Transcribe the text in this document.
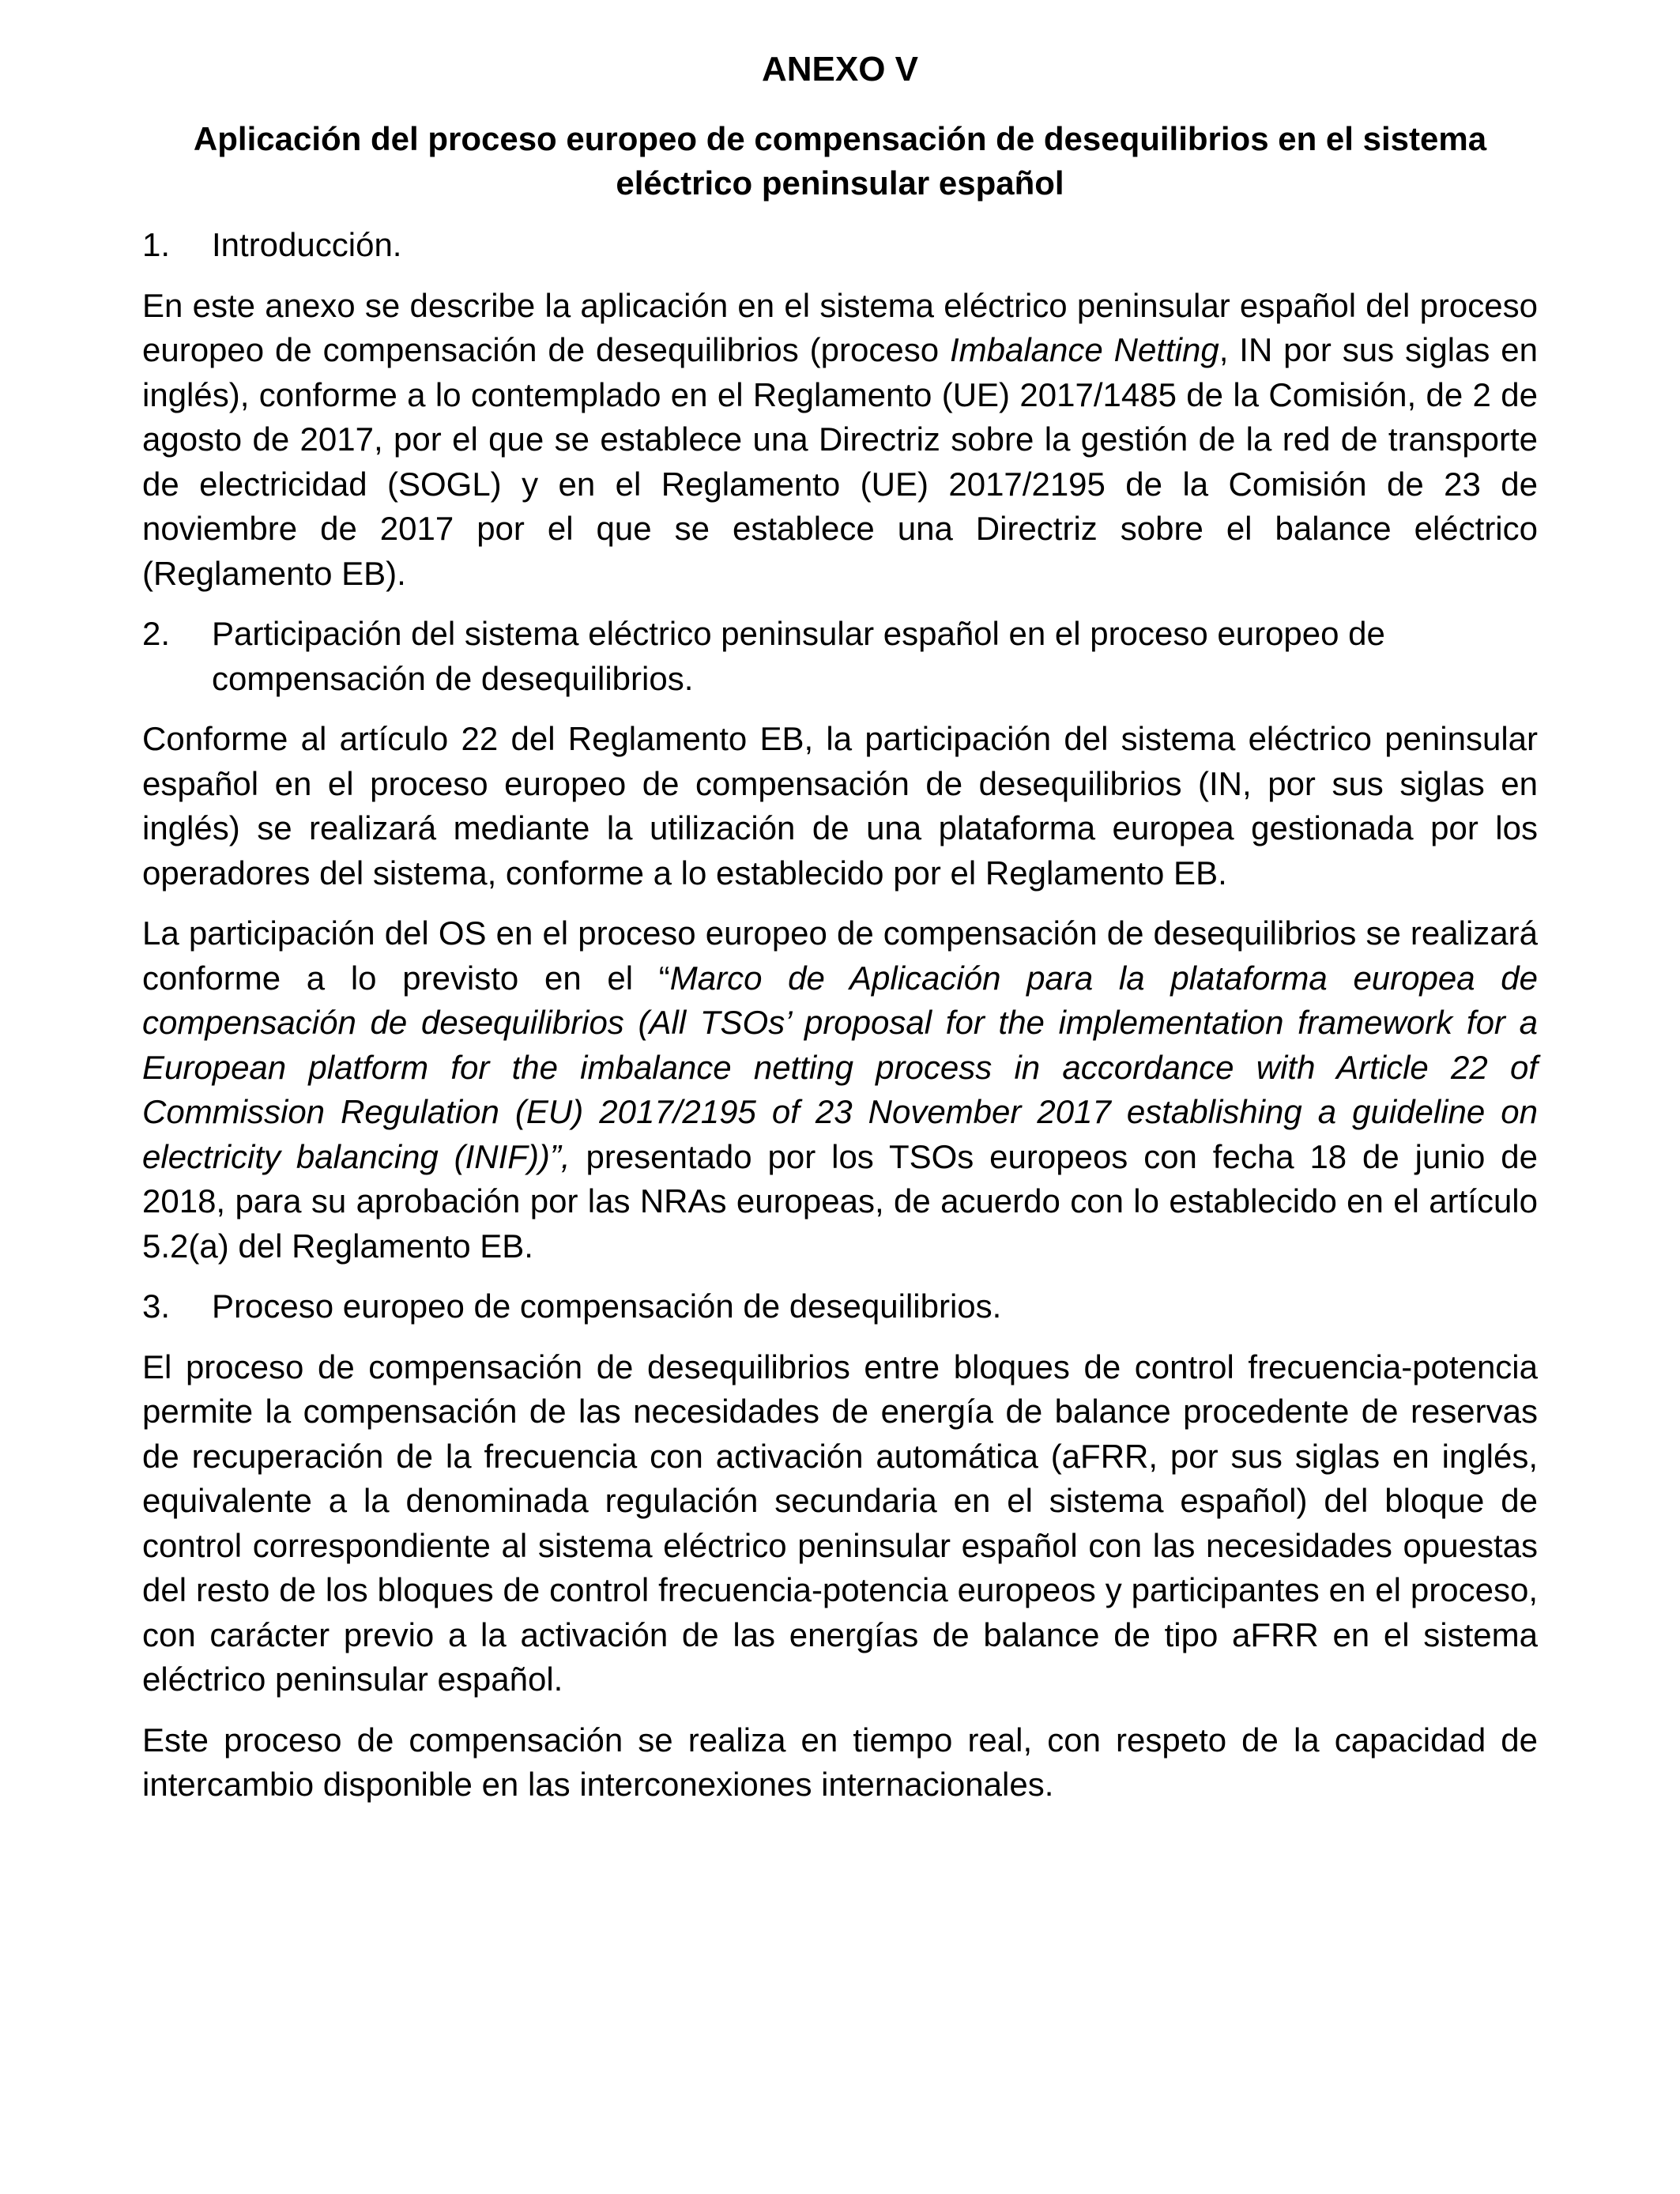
ANEXO V
Aplicación del proceso europeo de compensación de desequilibrios en el sistema eléctrico peninsular español
1.	Introducción.

En este anexo se describe la aplicación en el sistema eléctrico peninsular español del proceso europeo de compensación de desequilibrios (proceso Imbalance Netting, IN por sus siglas en inglés), conforme a lo contemplado en el Reglamento (UE) 2017/1485 de la Comisión, de 2 de agosto de 2017, por el que se establece una Directriz sobre la gestión de la red de transporte de electricidad (SOGL) y en el Reglamento (UE) 2017/2195 de la Comisión de 23 de noviembre de 2017 por el que se establece una Directriz sobre el balance eléctrico (Reglamento EB).

2.	Participación del sistema eléctrico peninsular español en el proceso europeo de compensación de desequilibrios.

Conforme al artículo 22 del Reglamento EB, la participación del sistema eléctrico peninsular español en el proceso europeo de compensación de desequilibrios (IN, por sus siglas en inglés) se realizará mediante la utilización de una plataforma europea gestionada por los operadores del sistema, conforme a lo establecido por el Reglamento EB.

La participación del OS en el proceso europeo de compensación de desequilibrios se realizará conforme a lo previsto en el “Marco de Aplicación para la plataforma europea de compensación de desequilibrios (All TSOs’ proposal for the implementation framework for a European platform for the imbalance netting process in accordance with Article 22 of Commission Regulation (EU) 2017/2195 of 23 November 2017 establishing a guideline on electricity balancing (INIF))”, presentado por los TSOs europeos con fecha 18 de junio de 2018, para su aprobación por las NRAs europeas, de acuerdo con lo establecido en el artículo 5.2(a) del Reglamento EB.

3.	Proceso europeo de compensación de desequilibrios.

El proceso de compensación de desequilibrios entre bloques de control frecuencia-potencia permite la compensación de las necesidades de energía de balance procedente de reservas de recuperación de la frecuencia con activación automática (aFRR, por sus siglas en inglés, equivalente a la denominada regulación secundaria en el sistema español) del bloque de control correspondiente al sistema eléctrico peninsular español con las necesidades opuestas del resto de los bloques de control frecuencia-potencia europeos y participantes en el proceso, con carácter previo a la activación de las energías de balance de tipo aFRR en el sistema eléctrico peninsular español.

Este proceso de compensación se realiza en tiempo real, con respeto de la capacidad de intercambio disponible en las interconexiones internacionales.
